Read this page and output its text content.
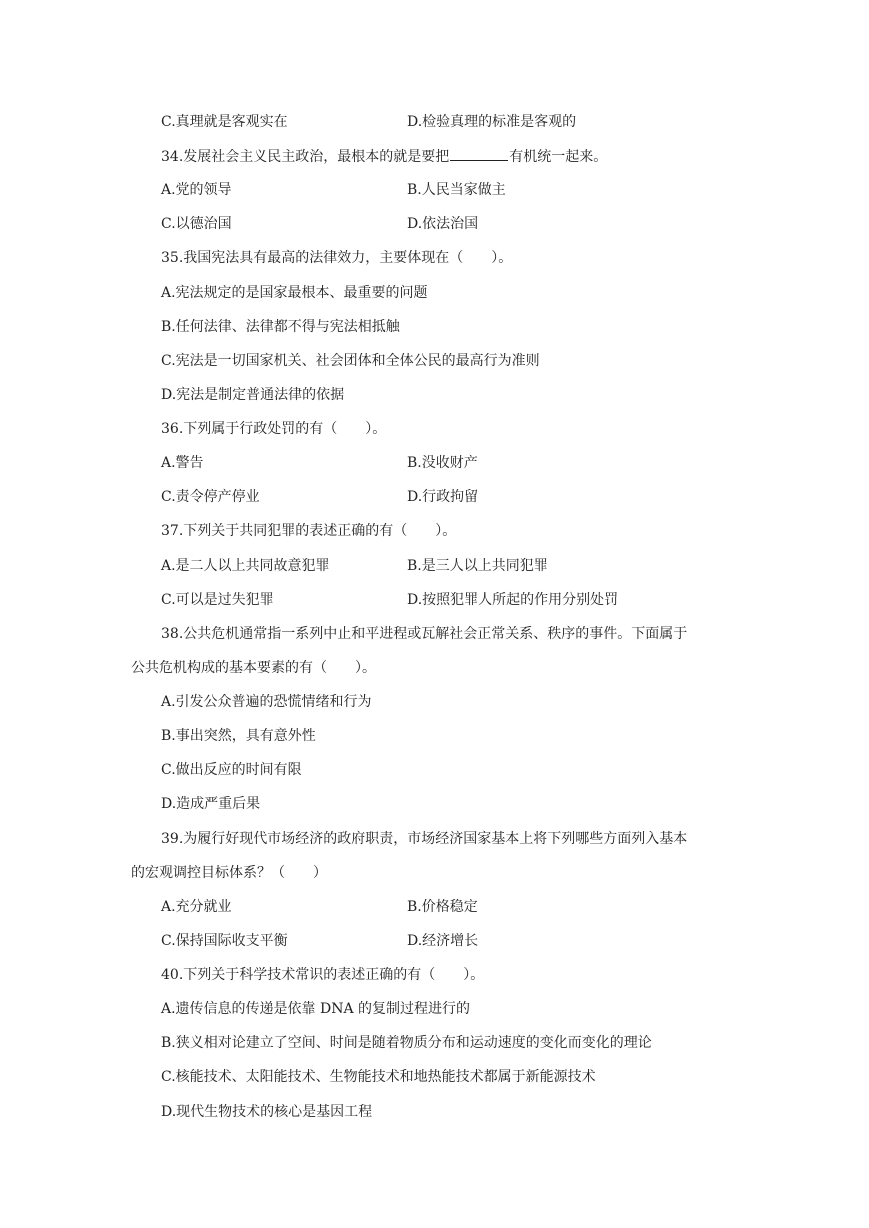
C.真理就是客观实在	D.检验真理的标准是客观的
34.发展社会主义民主政治，最根本的就是要把	有机统一起来。
A.党的领导	B.人民当家做主
C.以德治国	D.依法治国
35.我国宪法具有最高的法律效力，主要体现在（　　）。
A.宪法规定的是国家最根本、最重要的问题
B.任何法律、法律都不得与宪法相抵触
C.宪法是一切国家机关、社会团体和全体公民的最高行为准则
D.宪法是制定普通法律的依据
36.下列属于行政处罚的有（　　）。
A.警告	B.没收财产
C.责令停产停业	D.行政拘留
37.下列关于共同犯罪的表述正确的有（　　）。
A.是二人以上共同故意犯罪	B.是三人以上共同犯罪
C.可以是过失犯罪	D.按照犯罪人所起的作用分别处罚
38.公共危机通常指一系列中止和平进程或瓦解社会正常关系、秩序的事件。下面属于
公共危机构成的基本要素的有（　　）。
A.引发公众普遍的恐慌情绪和行为
B.事出突然，具有意外性
C.做出反应的时间有限
D.造成严重后果
39.为履行好现代市场经济的政府职责，市场经济国家基本上将下列哪些方面列入基本
的宏观调控目标体系？（　　）
A.充分就业	B.价格稳定
C.保持国际收支平衡	D.经济增长
40.下列关于科学技术常识的表述正确的有（　　）。
A.遗传信息的传递是依靠 DNA 的复制过程进行的
B.狭义相对论建立了空间、时间是随着物质分布和运动速度的变化而变化的理论
C.核能技术、太阳能技术、生物能技术和地热能技术都属于新能源技术
D.现代生物技术的核心是基因工程
